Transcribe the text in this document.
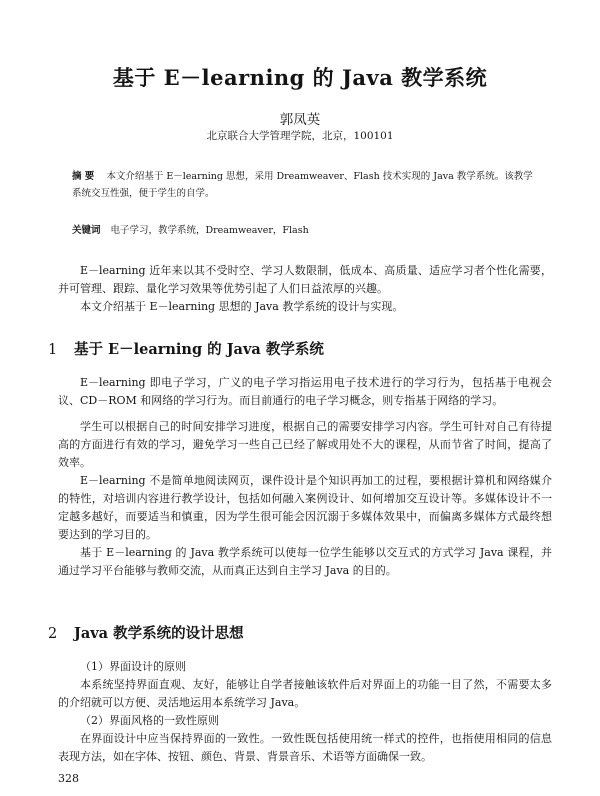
基于 E－learning 的 Java 教学系统
郭凤英
北京联合大学管理学院，北京，100101
摘 要 本文介绍基于 E－learning 思想，采用 Dreamweaver、Flash 技术实现的 Java 教学系统。该教学系统交互性强，便于学生的自学。
关键词 电子学习，教学系统，Dreamweaver，Flash

E－learning 近年来以其不受时空、学习人数限制，低成本、高质量、适应学习者个性化需要，并可管理、跟踪、量化学习效果等优势引起了人们日益浓厚的兴趣。

本文介绍基于 E－learning 思想的 Java 教学系统的设计与实现。

1 基于 E－learning 的 Java 教学系统

E－learning 即电子学习，广义的电子学习指运用电子技术进行的学习行为，包括基于电视会议、CD－ROM 和网络的学习行为。而目前通行的电子学习概念，则专指基于网络的学习。

学生可以根据自己的时间安排学习进度，根据自己的需要安排学习内容。学生可针对自己有待提高的方面进行有效的学习，避免学习一些自己已经了解或用处不大的课程，从而节省了时间，提高了效率。

E－learning 不是简单地阅读网页，课件设计是个知识再加工的过程，要根据计算机和网络媒介的特性，对培训内容进行教学设计，包括如何融入案例设计、如何增加交互设计等。多媒体设计不一定越多越好，而要适当和慎重，因为学生很可能会因沉溺于多媒体效果中，而偏离多媒体方式最终想要达到的学习目的。

基于 E－learning 的 Java 教学系统可以使每一位学生能够以交互式的方式学习 Java 课程，并通过学习平台能够与教师交流，从而真正达到自主学习 Java 的目的。

2 Java 教学系统的设计思想

（1）界面设计的原则

本系统坚持界面直观、友好，能够让自学者接触该软件后对界面上的功能一目了然，不需要太多的介绍就可以方便、灵活地运用本系统学习 Java。

（2）界面风格的一致性原则

在界面设计中应当保持界面的一致性。一致性既包括使用统一样式的控件，也指使用相同的信息表现方法，如在字体、按钮、颜色、背景、背景音乐、术语等方面确保一致。

328
